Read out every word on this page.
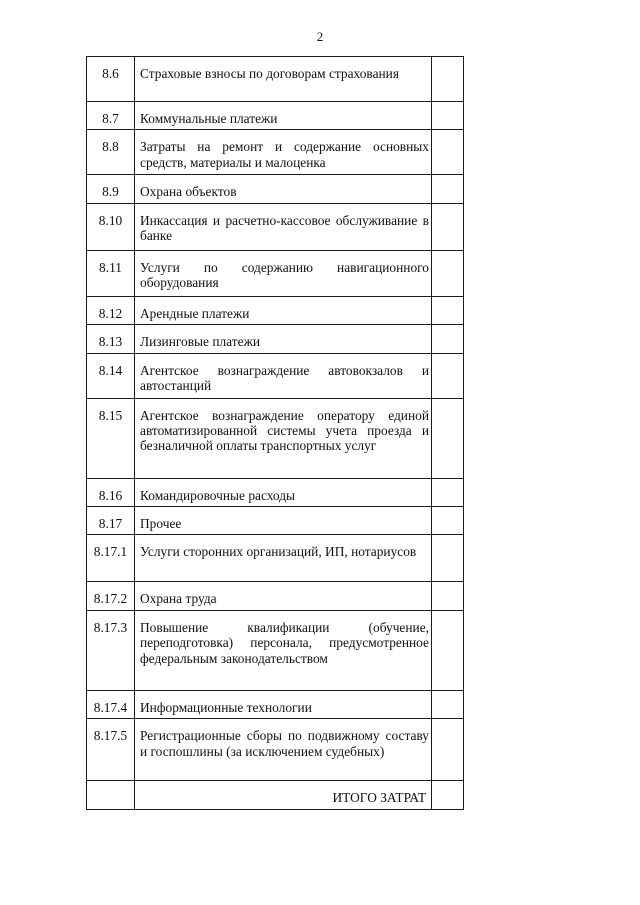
2
8.6	Страховые взносы по договорам страхования	
8.7	Коммунальные платежи	
8.8	Затраты на ремонт и содержание основных средств, материалы и малоценка	
8.9	Охрана объектов	
8.10	Инкассация и расчетно-кассовое обслуживание в банке	
8.11	Услуги по содержанию навигационного оборудования	
8.12	Арендные платежи	
8.13	Лизинговые платежи	
8.14	Агентское вознаграждение автовокзалов и автостанций	
8.15	Агентское вознаграждение оператору единой автоматизированной системы учета проезда и безналичной оплаты транспортных услуг	
8.16	Командировочные расходы	
8.17	Прочее	
8.17.1	Услуги сторонних организаций, ИП, нотариусов	
8.17.2	Охрана труда	
8.17.3	Повышение квалификации (обучение, переподготовка) персонала, предусмотренное федеральным законодательством	
8.17.4	Информационные технологии	
8.17.5	Регистрационные сборы по подвижному составу и госпошлины (за исключением судебных)	
	ИТОГО ЗАТРАТ	
